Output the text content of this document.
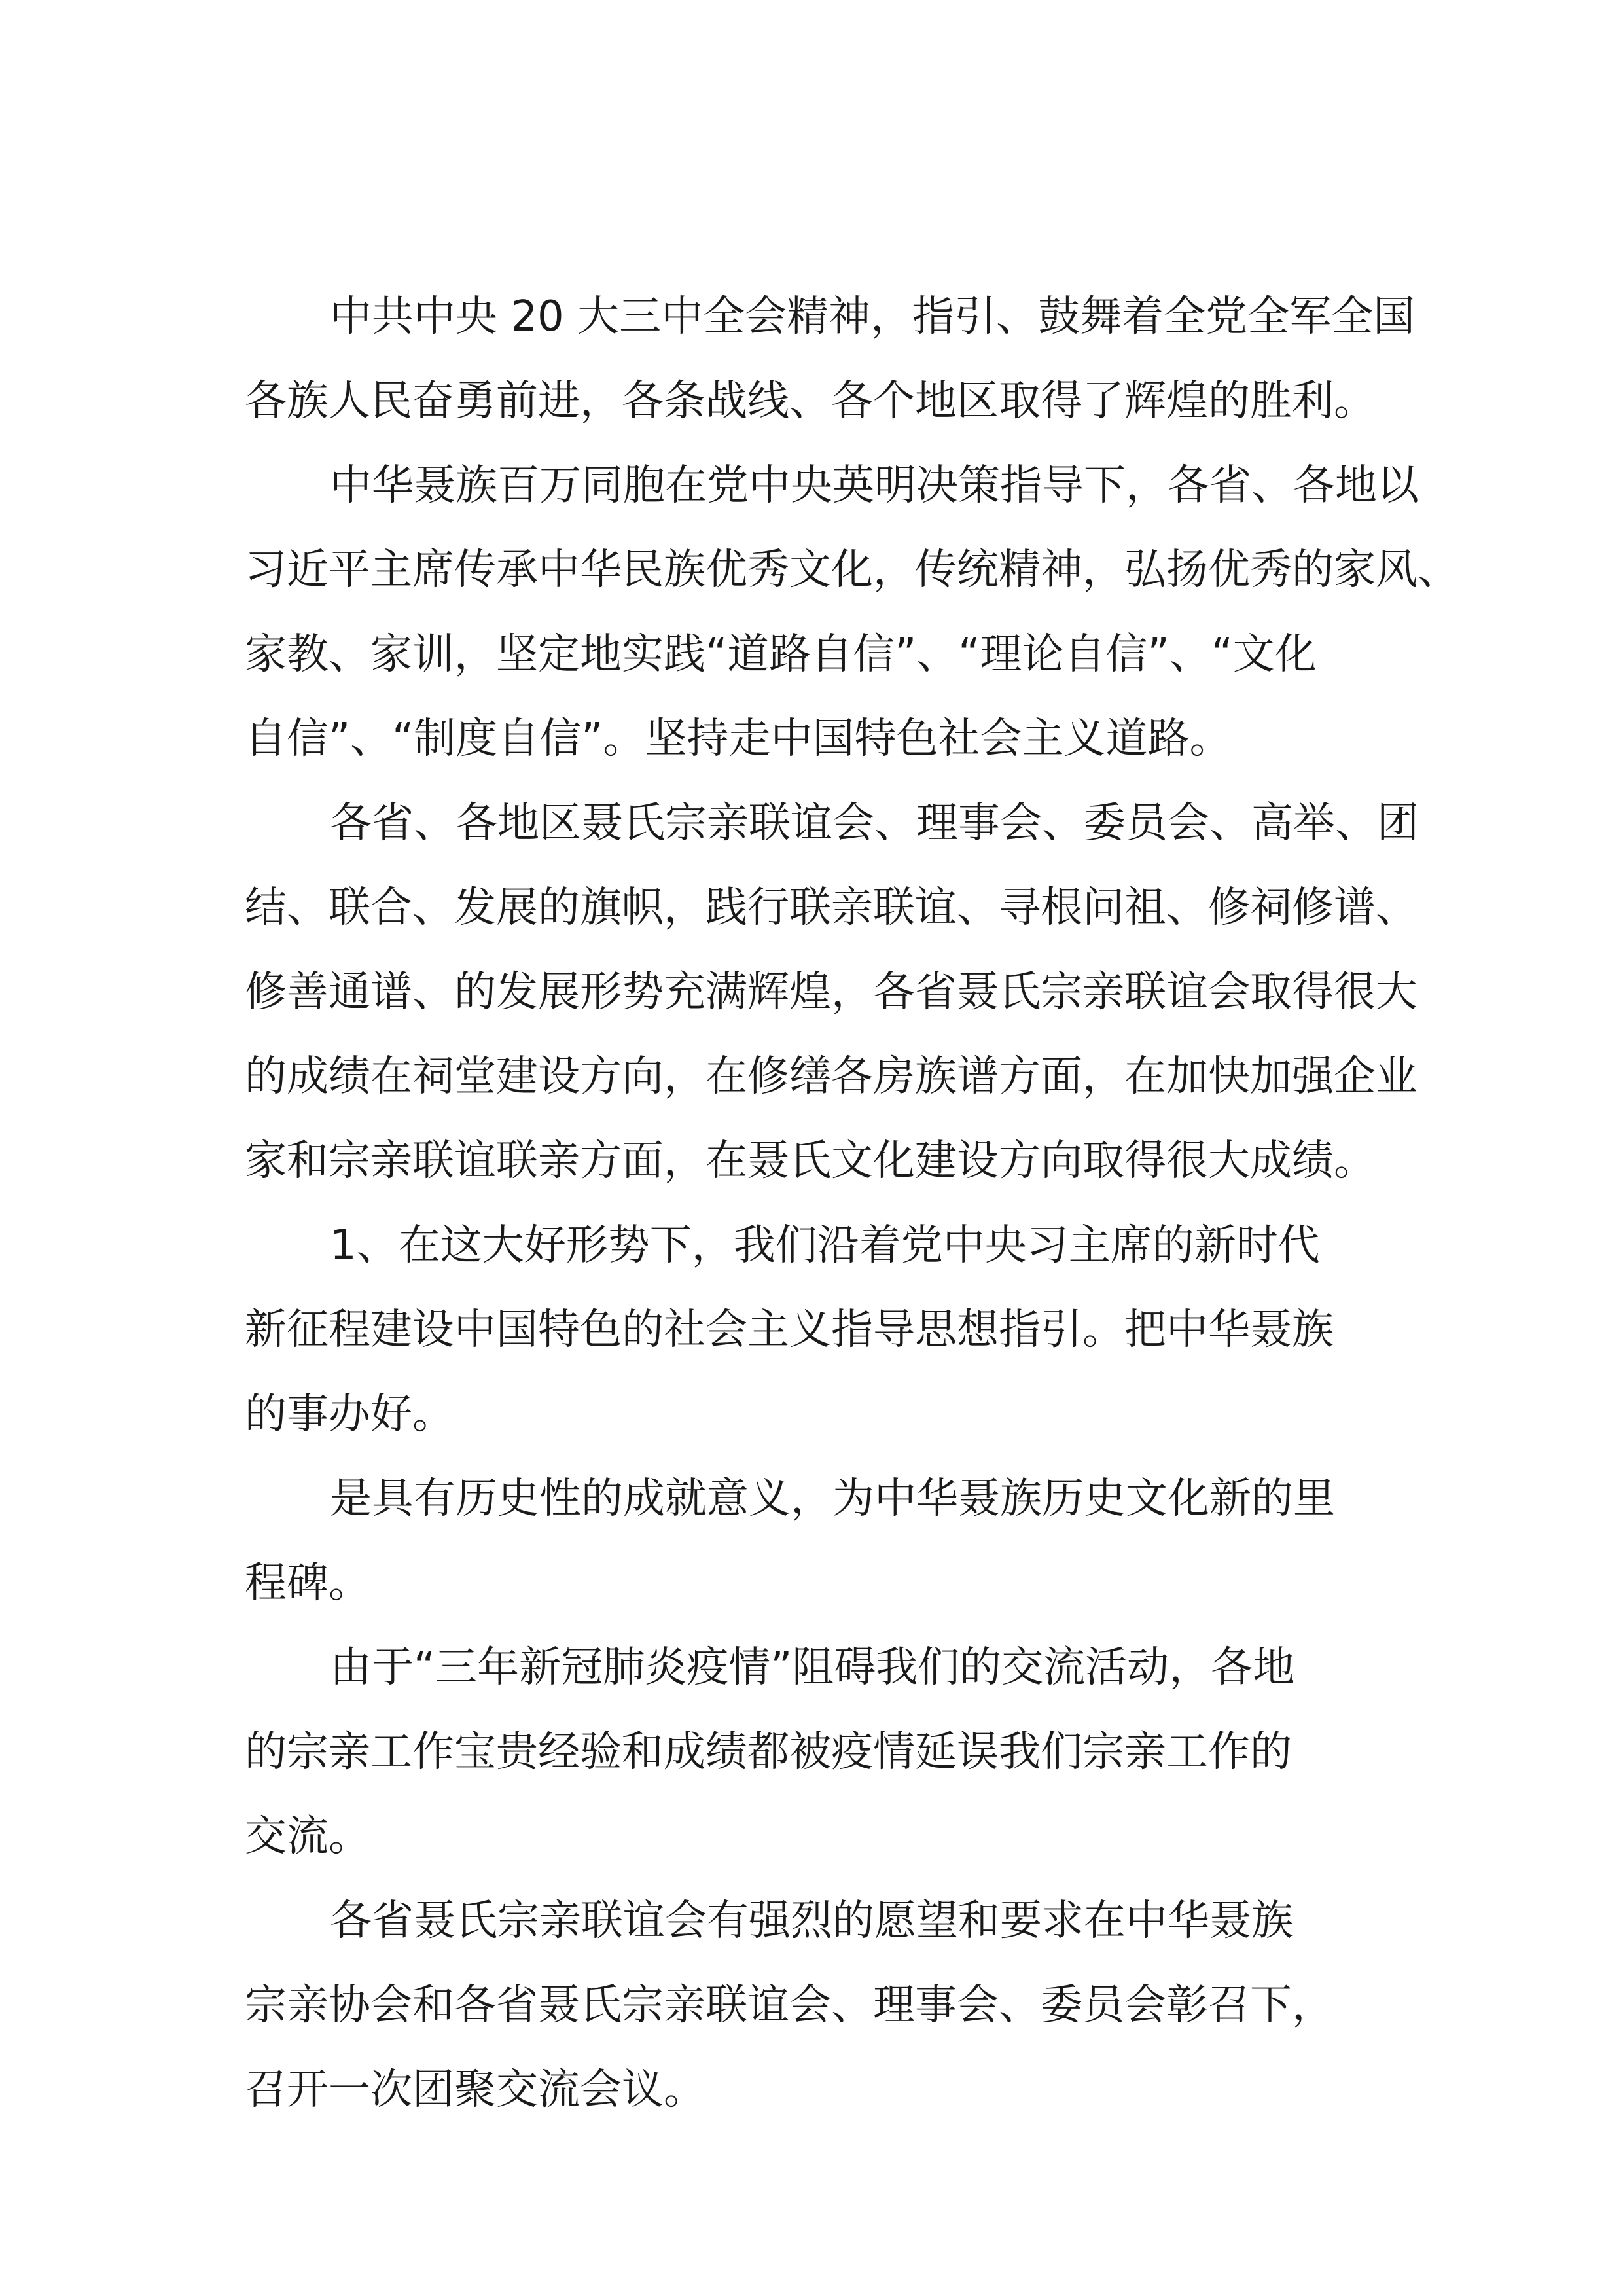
中共中央 20 大三中全会精神，指引、鼓舞着全党全军全国
各族人民奋勇前进，各条战线、各个地区取得了辉煌的胜利。

中华聂族百万同胞在党中央英明决策指导下，各省、各地以
习近平主席传承中华民族优秀文化，传统精神，弘扬优秀的家风、
家教、家训，坚定地实践“道路自信”、“理论自信”、“文化
自信”、“制度自信”。坚持走中国特色社会主义道路。

各省、各地区聂氏宗亲联谊会、理事会、委员会、高举、团
结、联合、发展的旗帜，践行联亲联谊、寻根问祖、修祠修谱、
修善通谱、的发展形势充满辉煌，各省聂氏宗亲联谊会取得很大
的成绩在祠堂建设方向，在修缮各房族谱方面，在加快加强企业
家和宗亲联谊联亲方面，在聂氏文化建设方向取得很大成绩。

1、在这大好形势下，我们沿着党中央习主席的新时代
新征程建设中国特色的社会主义指导思想指引。把中华聂族
的事办好。

是具有历史性的成就意义，为中华聂族历史文化新的里
程碑。

由于“三年新冠肺炎疫情”阻碍我们的交流活动，各地
的宗亲工作宝贵经验和成绩都被疫情延误我们宗亲工作的
交流。

各省聂氏宗亲联谊会有强烈的愿望和要求在中华聂族
宗亲协会和各省聂氏宗亲联谊会、理事会、委员会彰召下，
召开一次团聚交流会议。
